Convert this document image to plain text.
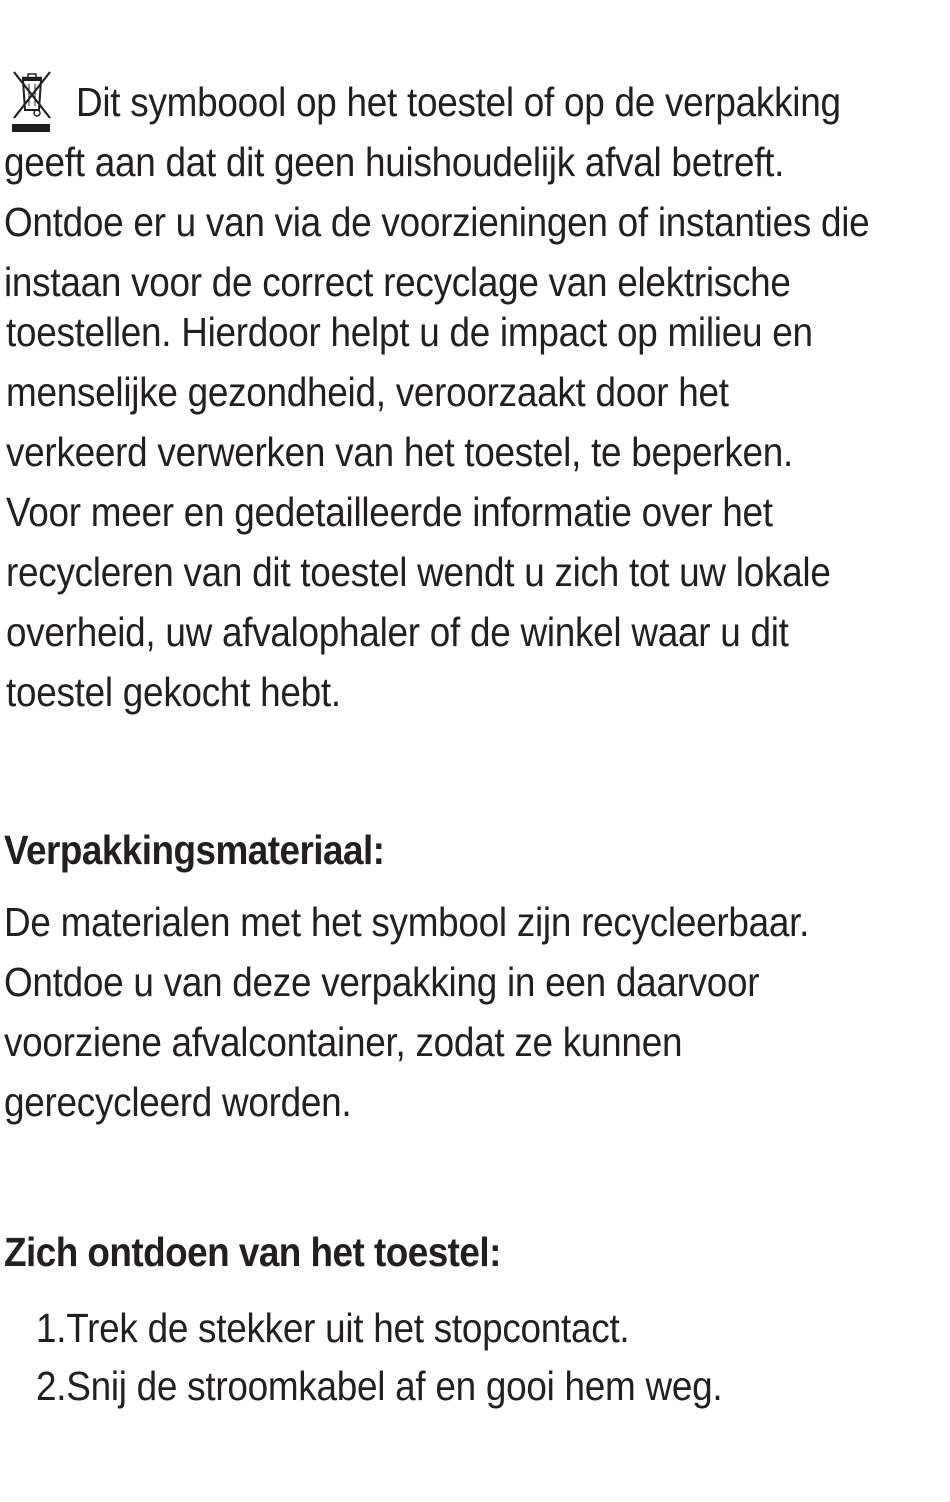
Dit symboool op het toestel of op de verpakking
geeft aan dat dit geen huishoudelijk afval betreft.
Ontdoe er u van via de voorzieningen of instanties die
instaan voor de correct recyclage van elektrische
toestellen. Hierdoor helpt u de impact op milieu en
menselijke gezondheid, veroorzaakt door het
verkeerd verwerken van het toestel, te beperken.
Voor meer en gedetailleerde informatie over het
recycleren van dit toestel wendt u zich tot uw lokale
overheid, uw afvalophaler of de winkel waar u dit
toestel gekocht hebt.
Verpakkingsmateriaal:
De materialen met het symbool zijn recycleerbaar.
Ontdoe u van deze verpakking in een daarvoor
voorziene afvalcontainer, zodat ze kunnen
gerecycleerd worden.
Zich ontdoen van het toestel:
1.Trek de stekker uit het stopcontact.
2.Snij de stroomkabel af en gooi hem weg.
